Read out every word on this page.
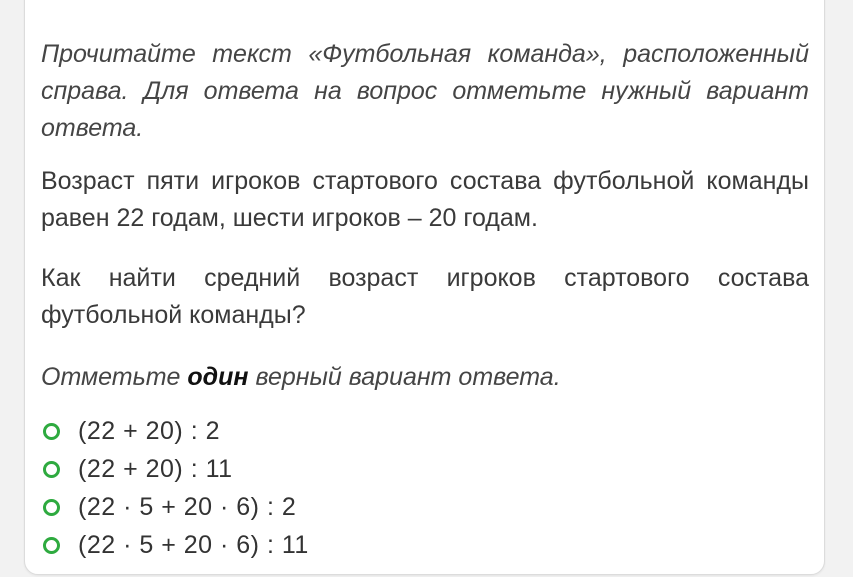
Прочитайте текст «Футбольная команда», расположенный справа. Для ответа на вопрос отметьте нужный вариант ответа.

Возраст пяти игроков стартового состава футбольной команды равен 22 годам, шести игроков – 20 годам.

Как найти средний возраст игроков стартового состава футбольной команды?

Отметьте один верный вариант ответа.

(22 + 20) : 2
(22 + 20) : 11
(22 · 5 + 20 · 6) : 2
(22 · 5 + 20 · 6) : 11
